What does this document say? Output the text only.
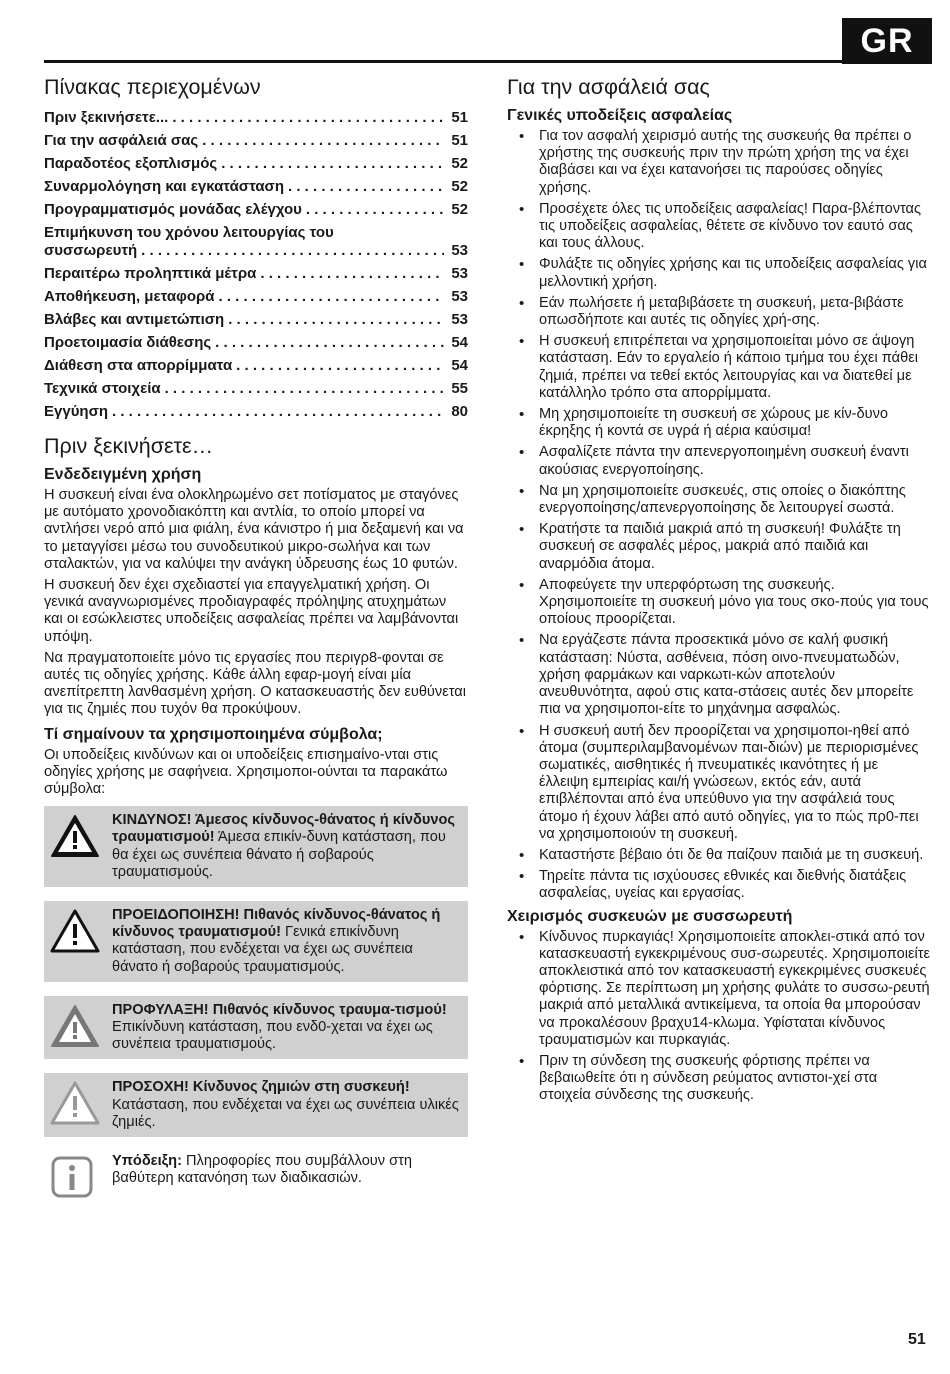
GR
Πίνακας περιεχομένων
Πριν ξεκινήσετε... . . .	51
Για την ασφάλειά σας . . .	51
Παραδοτέος εξοπλισμός . . .	52
Συναρμολόγηση και εγκατάσταση . . .	52
Προγραμματισμός μονάδας ελέγχου . . .	52
Επιμήκυνση του χρόνου λειτουργίας του
συσσωρευτή . . .	53
Περαιτέρω προληπτικά μέτρα . . .	53
Αποθήκευση, μεταφορά . . .	53
Βλάβες και αντιμετώπιση . . .	53
Προετοιμασία διάθεσης . . .	54
Διάθεση στα απορρίμματα . . .	54
Τεχνικά στοιχεία . . .	55
Εγγύηση . . .	80
Πριν ξεκινήσετε…
Ενδεδειγμένη χρήση

Η συσκευή είναι ένα ολοκληρωμένο σετ ποτίσματος με σταγόνες με αυτόματο χρονοδιακόπτη και αντλία, το οποίο μπορεί να αντλήσει νερό από μια φιάλη, ένα κάνιστρο ή μια δεξαμενή και να το μεταγγίσει μέσω του συνοδευτικού μικρο-σωλήνα και των σταλακτών, για να καλύψει την ανάγκη ύδρευσης έως 10 φυτών.

Η συσκευή δεν έχει σχεδιαστεί για επαγγελματική χρήση. Οι γενικά αναγνωρισμένες προδιαγραφές πρόληψης ατυχημάτων και οι εσώκλειστες υποδείξεις ασφαλείας πρέπει να λαμβάνονται υπόψη.

Να πραγματοποιείτε μόνο τις εργασίες που περιγρ8-φονται σε αυτές τις οδηγίες χρήσης. Κάθε άλλη εφαρ-μογή είναι μία ανεπίτρεπτη λανθασμένη χρήση. Ο κατασκευαστής δεν ευθύνεται για τις ζημιές που τυχόν θα προκύψουν.

Τί σημαίνουν τα χρησιμοποιημένα σύμβολα;

Οι υποδείξεις κινδύνων και οι υποδείξεις επισημαίνο-νται στις οδηγίες χρήσης με σαφήνεια. Χρησιμοποι-ούνται τα παρακάτω σύμβολα:

ΚΙΝΔΥΝΟΣ! Άμεσος κίνδυνος-θάνατος ή κίνδυνος τραυματισμού! Άμεσα επικίν-δυνη κατάσταση, που θα έχει ως συνέπεια θάνατο ή σοβαρούς τραυματισμούς.
ΠΡΟΕΙΔΟΠΟΙΗΣΗ! Πιθανός κίνδυνος-θάνατος ή κίνδυνος τραυματισμού! Γενικά επικίνδυνη κατάσταση, που ενδέχεται να έχει ως συνέπεια θάνατο ή σοβαρούς τραυματισμούς.
ΠΡΟΦΥΛΑΞΗ! Πιθανός κίνδυνος τραυμα-τισμού! Επικίνδυνη κατάσταση, που ενδ0-χεται να έχει ως συνέπεια τραυματισμούς.
ΠΡΟΣΟΧΗ! Κίνδυνος ζημιών στη συσκευή! Κατάσταση, που ενδέχεται να έχει ως συνέπεια υλικές ζημιές.
Υπόδειξη: Πληροφορίες που συμβάλλουν στη βαθύτερη κατανόηση των διαδικασιών.
Για την ασφάλειά σας
Γενικές υποδείξεις ασφαλείας
• Για τον ασφαλή χειρισμό αυτής της συσκευής θα πρέπει ο χρήστης της συσκευής πριν την πρώτη χρήση της να έχει διαβάσει και να έχει κατανοήσει τις παρούσες οδηγίες χρήσης.
• Προσέχετε όλες τις υποδείξεις ασφαλείας! Παρα-βλέποντας τις υποδείξεις ασφαλείας, θέτετε σε κίνδυνο τον εαυτό σας και τους άλλους.
• Φυλάξτε τις οδηγίες χρήσης και τις υποδείξεις ασφαλείας για μελλοντική χρήση.
• Εάν πωλήσετε ή μεταβιβάσετε τη συσκευή, μετα-βιβάστε οπωσδήποτε και αυτές τις οδηγίες χρή-σης.
• Η συσκευή επιτρέπεται να χρησιμοποιείται μόνο σε άψογη κατάσταση. Εάν το εργαλείο ή κάποιο τμήμα του έχει πάθει ζημιά, πρέπει να τεθεί εκτός λειτουργίας και να διατεθεί με κατάλληλο τρόπο στα απορρίμματα.
• Μη χρησιμοποιείτε τη συσκευή σε χώρους με κίν-δυνο έκρηξης ή κοντά σε υγρά ή αέρια καύσιμα!
• Ασφαλίζετε πάντα την απενεργοποιημένη συσκευή έναντι ακούσιας ενεργοποίησης.
• Να μη χρησιμοποιείτε συσκευές, στις οποίες ο διακόπτης ενεργοποίησης/απενεργοποίησης δε λειτουργεί σωστά.
• Κρατήστε τα παιδιά μακριά από τη συσκευή! Φυλάξτε τη συσκευή σε ασφαλές μέρος, μακριά από παιδιά και αναρμόδια άτομα.
• Αποφεύγετε την υπερφόρτωση της συσκευής. Χρησιμοποιείτε τη συσκευή μόνο για τους σκο-πούς για τους οποίους προορίζεται.
• Να εργάζεστε πάντα προσεκτικά μόνο σε καλή φυσική κατάσταση: Νύστα, ασθένεια, πόση οινο-πνευματωδών, χρήση φαρμάκων και ναρκωτι-κών αποτελούν ανευθυνότητα, αφού στις κατα-στάσεις αυτές δεν μπορείτε πια να χρησιμοποι-είτε το μηχάνημα ασφαλώς.
• Η συσκευή αυτή δεν προορίζεται να χρησιμοποι-ηθεί από άτομα (συμπεριλαμβανομένων παι-διών) με περιορισμένες σωματικές, αισθητικές ή πνευματικές ικανότητες ή με έλλειψη εμπειρίας και/ή γνώσεων, εκτός εάν, αυτά επιβλέπονται από ένα υπεύθυνο για την ασφάλειά τους άτομο ή έχουν λάβει από αυτό οδηγίες, για το πώς πρ0-πει να χρησιμοποιούν τη συσκευή.
• Καταστήστε βέβαιο ότι δε θα παίζουν παιδιά με τη συσκευή.
• Τηρείτε πάντα τις ισχύουσες εθνικές και διεθνής διατάξεις ασφαλείας, υγείας και εργασίας.
Χειρισμός συσκευών με συσσωρευτή
• Κίνδυνος πυρκαγιάς! Χρησιμοποιείτε αποκλει-στικά από τον κατασκευαστή εγκεκριμένους συσ-σωρευτές. Χρησιμοποιείτε αποκλειστικά από τον κατασκευαστή εγκεκριμένες συσκευές φόρτισης. Σε περίπτωση μη χρήσης φυλάτε το συσσω-ρευτή μακριά από μεταλλικά αντικείμενα, τα οποία θα μπορούσαν να προκαλέσουν βραχυ14-κλωμα. Υφίσταται κίνδυνος τραυματισμών και πυρκαγιάς.
• Πριν τη σύνδεση της συσκευής φόρτισης πρέπει να βεβαιωθείτε ότι η σύνδεση ρεύματος αντιστοι-χεί στα στοιχεία σύνδεσης της συσκευής.
51
